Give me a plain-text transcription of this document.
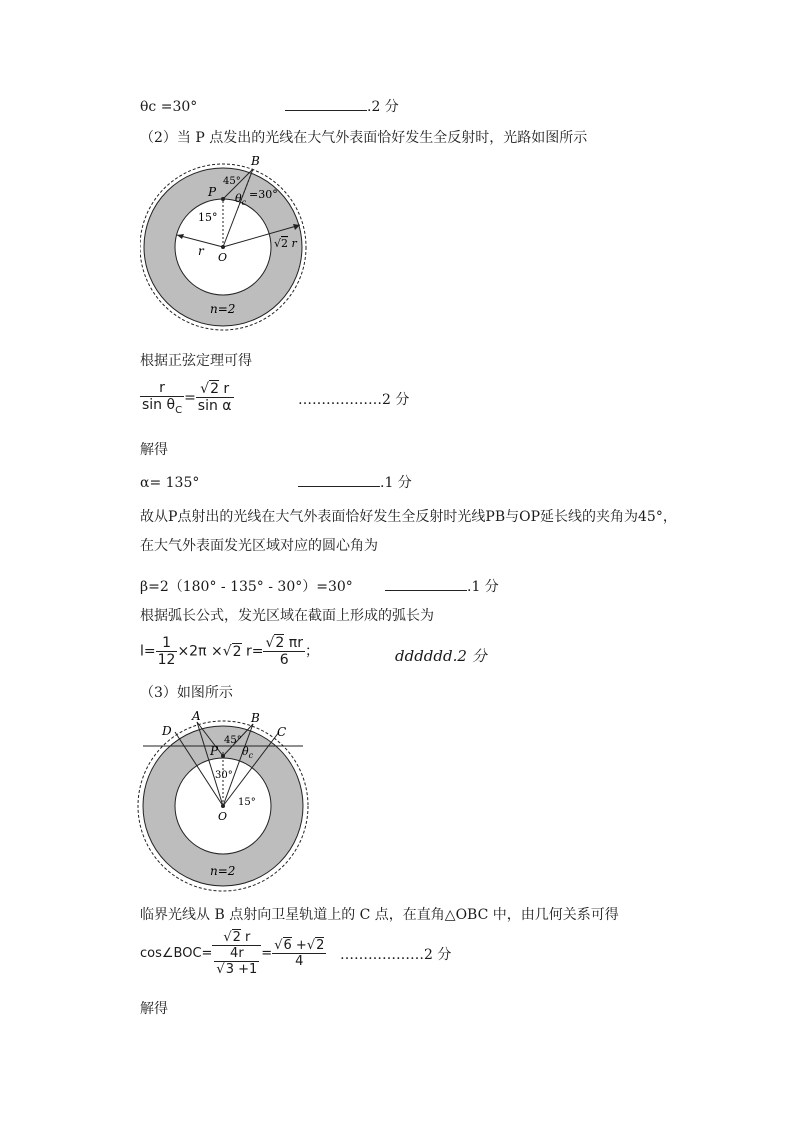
θc =30°	.2 分
（2）当 P 点发出的光线在大气外表面恰好发生全反射时，光路如图所示
B
P
45°
$\theta_c$
=30°
15°
r O
√2 r
n=2
根据正弦定理可得
$\frac{r}{\sin \theta_C} = \frac{√2 r}{\text{sin α}}$	………………2 分
解得
α= 135°	.1 分
故从P点射出的光线在大气外表面恰好发生全反射时光线PB与OP延长线的夹角为45°，
在大气外表面发光区域对应的圆心角为
β=2（180° - 135° - 30°）=30°	.1 分
根据弧长公式，发光区域在截面上形成的弧长为
$l= \frac{1}{12} \times 2\pi \times√2$ $r= \frac{√2 \pi r}{6}$ ；	dddddd.2 分
（3）如图所示
D
A	B
C
P
45°
$\theta_c$
30°
15°
O
n=2
临界光线从 B 点射向卫星轨道上的 C 点，在直角△OBC 中，由几何关系可得
cos∠BOC= $\frac{√2 r}{\frac{4r}{√3 +1}} = \frac{√6 +√2}{4}$ ………………2 分
解得
